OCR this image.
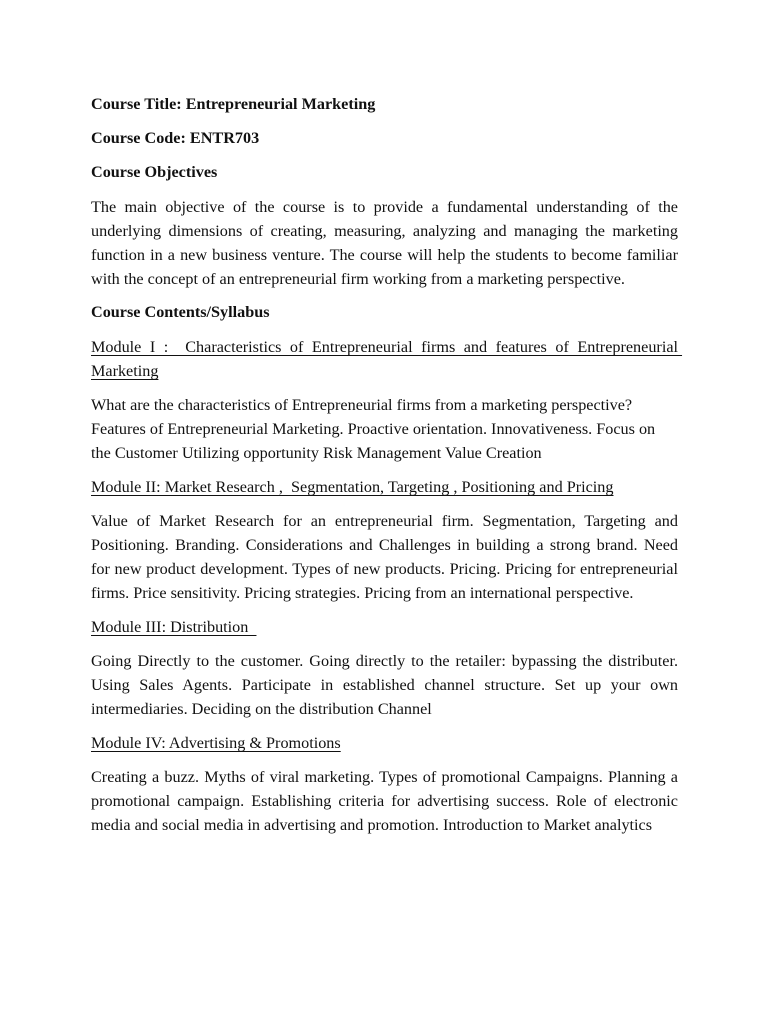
Course Title: Entrepreneurial Marketing
Course Code: ENTR703
Course Objectives
The main objective of the course is to provide a fundamental understanding of the underlying dimensions of creating, measuring, analyzing and managing the marketing function in a new business venture. The course will help the students to become familiar with the concept of an entrepreneurial firm working from a marketing perspective.
Course Contents/Syllabus
Module I :  Characteristics of Entrepreneurial firms and features of Entrepreneurial Marketing
What are the characteristics of Entrepreneurial firms from a marketing perspective? Features of Entrepreneurial Marketing. Proactive orientation. Innovativeness. Focus on the Customer Utilizing opportunity Risk Management Value Creation
Module II: Market Research ,  Segmentation, Targeting , Positioning and Pricing
Value of Market Research for an entrepreneurial firm. Segmentation, Targeting and Positioning. Branding. Considerations and Challenges in building a strong brand. Need for new product development. Types of new products. Pricing. Pricing for entrepreneurial firms. Price sensitivity. Pricing strategies. Pricing from an international perspective.
Module III: Distribution
Going Directly to the customer. Going directly to the retailer: bypassing the distributer. Using Sales Agents. Participate in established channel structure. Set up your own intermediaries. Deciding on the distribution Channel
Module IV: Advertising & Promotions
Creating a buzz. Myths of viral marketing. Types of promotional Campaigns. Planning a promotional campaign. Establishing criteria for advertising success. Role of electronic media and social media in advertising and promotion. Introduction to Market analytics
